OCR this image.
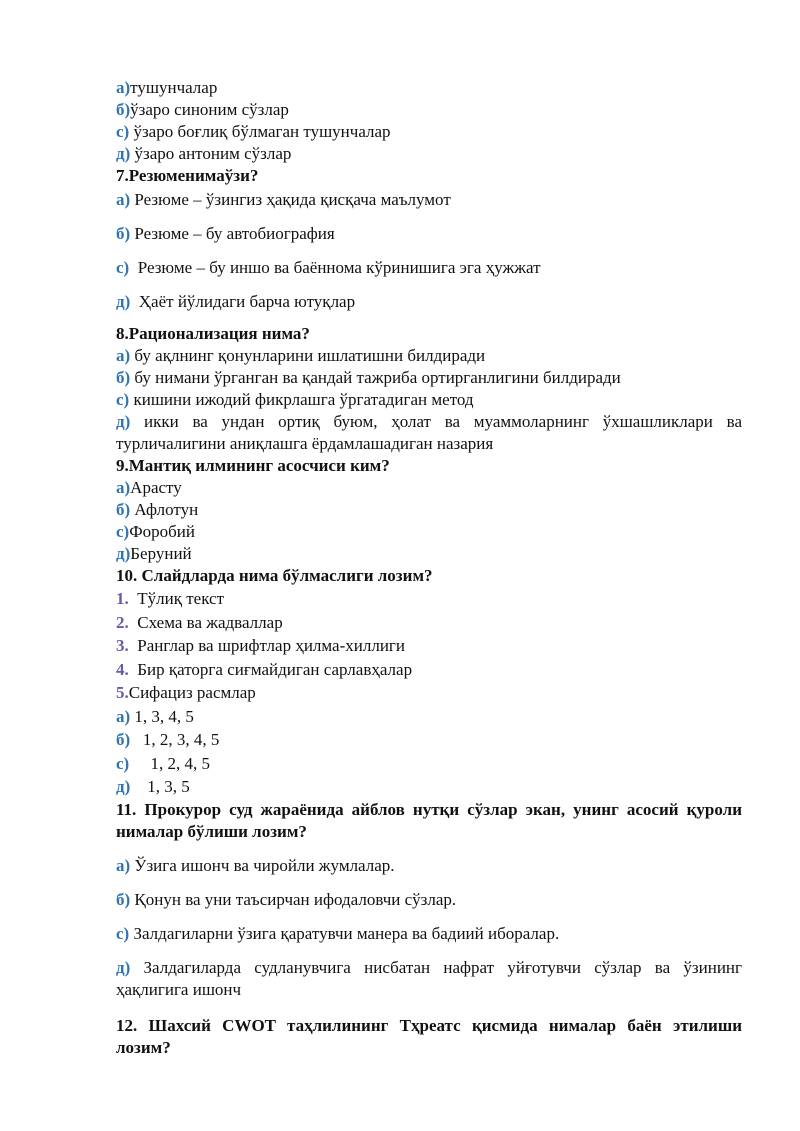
а)тушунчалар

б)ўзаро синоним сўзлар

с) ўзаро боғлиқ бўлмаган тушунчалар

д) ўзаро антоним сўзлар

7.Резюменимаўзи?

а) Резюме – ўзингиз ҳақида қисқача маълумот

б) Резюме – бу автобиография

с)  Резюме – бу иншо ва баённома кўринишига эга ҳужжат

д)  Ҳаёт йўлидаги барча ютуқлар

8.Рационализация нима?

а) бу ақлнинг қонунларини ишлатишни билдиради

б) бу нимани ўрганган ва қандай тажриба ортирганлигини билдиради

с) кишини ижодий фикрлашга ўргатадиган метод

д) икки ва ундан ортиқ буюм, ҳолат ва муаммоларнинг ўхшашликлари ва турличалигини аниқлашга ёрдамлашадиган назария

9.Мантиқ илмининг асосчиси ким?

а)Арасту

б) Афлотун

с)Форобий

д)Беруний

10. Слайдларда нима бўлмаслиги лозим?

1.  Тўлиқ текст

2.  Схема ва жадваллар

3.  Ранглар ва шрифтлар ҳилма-хиллиги

4.  Бир қаторга сиғмайдиган сарлавҳалар

5.Сифациз расмлар

а) 1, 3, 4, 5

б)   1, 2, 3, 4, 5

с)     1, 2, 4, 5

д)    1, 3, 5

11. Прокурор суд жараёнида айблов нутқи сўзлар экан, унинг асосий қуроли нималар бўлиши лозим?

а) Ўзига ишонч ва чиройли жумлалар.

б) Қонун ва уни таъсирчан ифодаловчи сўзлар.

с) Залдагиларни ўзига қаратувчи манера ва бадиий иборалар.

д) Залдагиларда судланувчига нисбатан нафрат уйғотувчи сўзлар ва ўзининг ҳақлигига ишонч

12. Шахсий CWOT таҳлилининг Тҳреатс қисмида нималар баён этилиши лозим?
